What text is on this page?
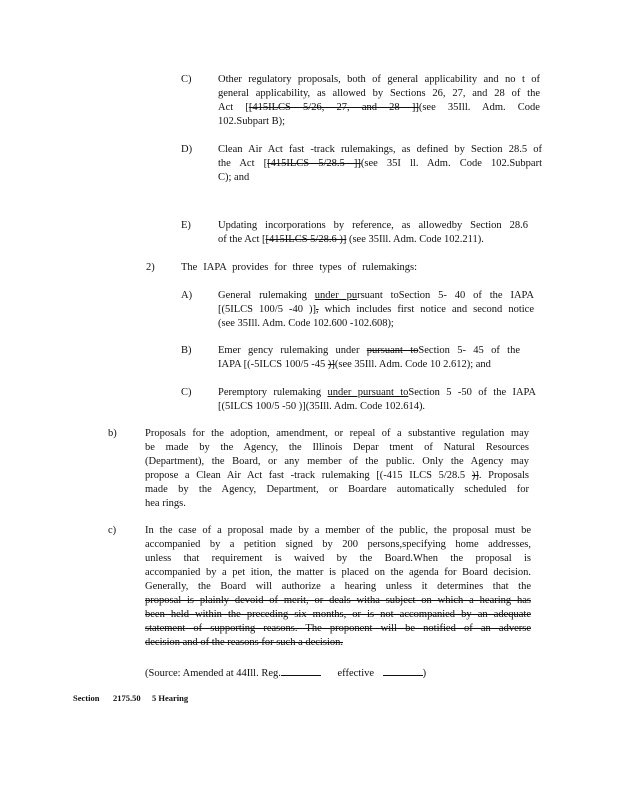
C)	Other regulatory proposals, both of general applicability and no t of
general applicability, as allowed by Sections 26, 27, and 28 of the
Act [[415ILCS 5/26, 27, and 28 ]](see 35Ill. Adm. Code
102.Subpart B);
D) Clean Air Act fast -track rulemakings, as defined by Section 28.5 of
the Act [[415ILCS 5/28.5 ]](see 35I ll. Adm. Code 102.Subpart
C); and
E)	Updating incorporations by reference, as allowedby Section 28.6
of the Act [[415ILCS 5/28.6 )] (see 35Ill. Adm. Code 102.211).
2)	The IAPA provides for three types of rulemakings:
A) General rulemaking under pursuant toSection 5- 40 of the IAPA
[(5ILCS 100/5 -40 )], which includes first notice and second notice
(see 35Ill. Adm. Code 102.600 -102.608);
B)	Emer gency rulemaking under pursuant toSection 5- 45 of the
IAPA [(-5ILCS 100/5 -45 )](see 35Ill. Adm. Code 10 2.612); and
C)	Peremptory rulemaking under pursuant toSection 5 -50 of the IAPA
[(5ILCS 100/5 -50 )](35Ill. Adm. Code 102.614).
b)	Proposals for the adoption, amendment, or repeal of a substantive regulation may
be made by the Agency, the Illinois Depar tment of Natural Resources
(Department), the Board, or any member of the public. Only the Agency may
propose a Clean Air Act fast -track rulemaking [(-415 ILCS 5/28.5 )]. Proposals
made by the Agency, Department, or Boardare automatically scheduled for
hea rings.
c)	In the case of a proposal made by a member of the public, the proposal must be
accompanied by a petition signed by 200 persons,specifying home addresses,
unless that requirement is waived by the Board.When the proposal is
accompanied by a pet ition, the matter is placed on the agenda for Board decision.
Generally, the Board will authorize a hearing unless it determines that the
proposal is plainly devoid of merit, or deals witha subject on which a hearing has
been held within the preceding six months, or is not accompanied by an adequate
statement of supporting reasons. The proponent will be notified of an adverse
decision and of the reasons for such a decision.
(Source: Amended at 44Ill. Reg.	effective	)
Section 2175.50 5 Hearing
